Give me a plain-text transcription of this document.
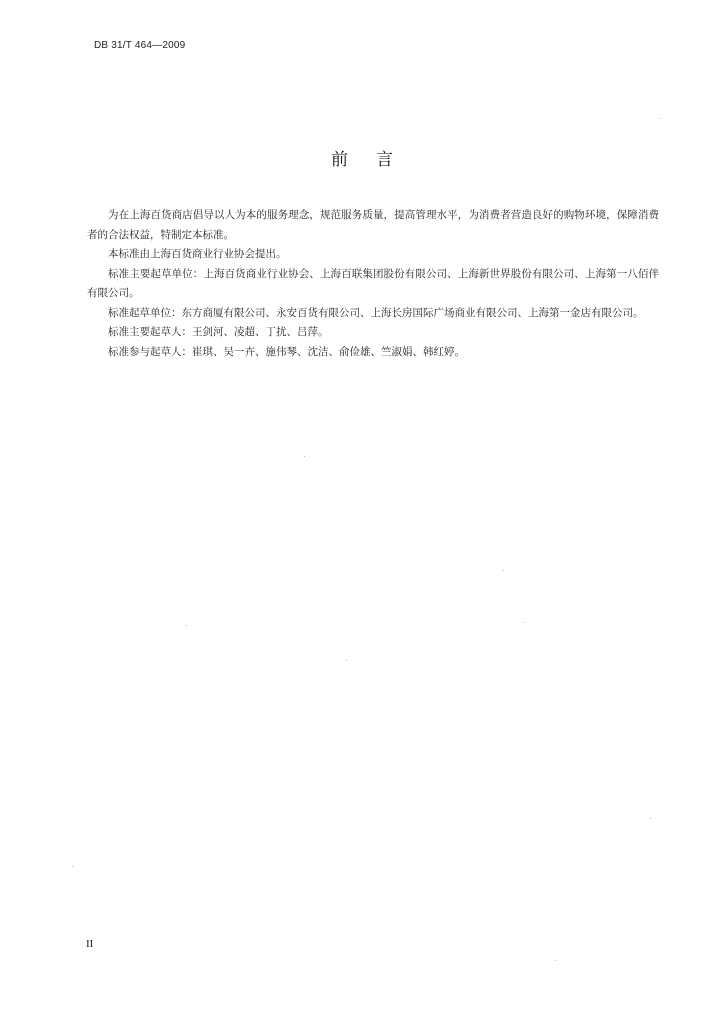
DB 31/T 464—2009
前言

为在上海百货商店倡导以人为本的服务理念，规范服务质量，提高管理水平，为消费者营造良好的购物环境，保障消费者的合法权益，特制定本标准。

本标准由上海百货商业行业协会提出。

标准主要起草单位：上海百货商业行业协会、上海百联集团股份有限公司、上海新世界股份有限公司、上海第一八佰伴有限公司。

标准起草单位：东方商厦有限公司、永安百货有限公司、上海长房国际广场商业有限公司、上海第一金店有限公司。

标准主要起草人：王剑河、凌超、丁扰、吕萍。

标准参与起草人：崔琪、吴一卉、施伟琴、沈洁、俞俭雄、竺淑娟、韩红婷。

II
